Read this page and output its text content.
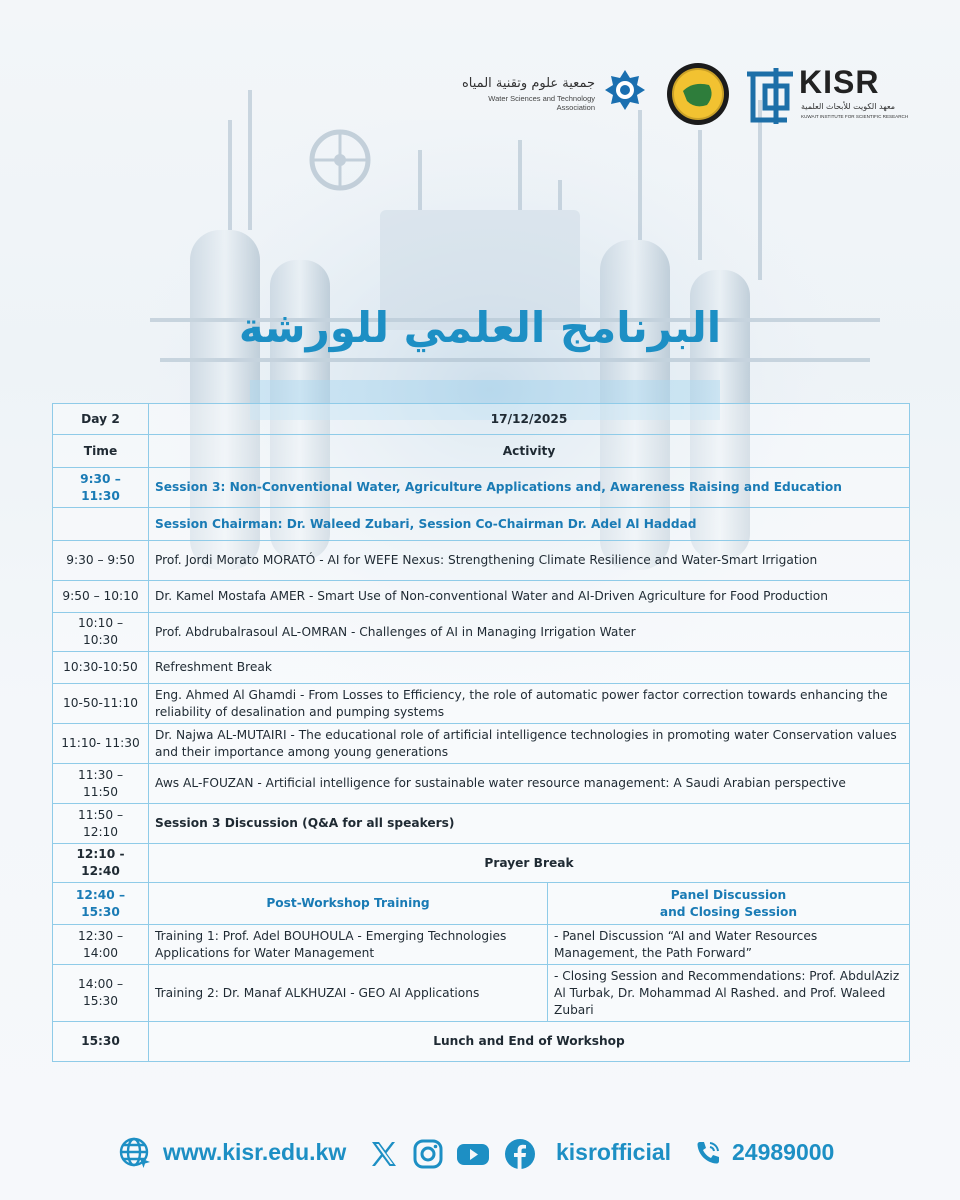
جمعية علوم وتقنية المياه
Water Sciences and Technology Association
KISR
معهد الكويت للأبحاث العلمية
KUWAIT INSTITUTE FOR SCIENTIFIC RESEARCH
البرنامج العلمي للورشة
Day 2	17/12/2025	
Time	Activity	
9:30 – 11:30	Session 3: Non-Conventional Water, Agriculture Applications and, Awareness Raising and Education	
	Session Chairman: Dr. Waleed Zubari, Session Co-Chairman Dr. Adel Al Haddad	
9:30 – 9:50	Prof. Jordi Morato MORATÓ - AI for WEFE Nexus: Strengthening Climate Resilience and Water-Smart Irrigation	
9:50 – 10:10	Dr. Kamel Mostafa AMER - Smart Use of Non-conventional Water and AI-Driven Agriculture for Food Production	
10:10 – 10:30	Prof. Abdrubalrasoul AL-OMRAN - Challenges of AI in Managing Irrigation Water	
10:30-10:50	Refreshment Break	
10-50-11:10	Eng. Ahmed Al Ghamdi - From Losses to Efficiency, the role of automatic power factor correction towards enhancing the reliability of desalination and pumping systems	
11:10- 11:30	Dr. Najwa AL-MUTAIRI - The educational role of artificial intelligence technologies in promoting water Conservation values and their importance among young generations	
11:30 – 11:50	Aws AL-FOUZAN - Artificial intelligence for sustainable water resource management: A Saudi Arabian perspective	
11:50 – 12:10	Session 3 Discussion (Q&A for all speakers)	
12:10 - 12:40	Prayer Break	
12:40 – 15:30	Post-Workshop Training	Panel Discussion
and Closing Session

12:30 – 14:00	Training 1: Prof. Adel BOUHOULA - Emerging Technologies Applications for Water Management	- Panel Discussion “AI and Water Resources Management, the Path Forward”
14:00 – 15:30	Training 2: Dr. Manaf ALKHUZAI - GEO AI Applications	- Closing Session and Recommendations: Prof. AbdulAziz Al Turbak, Dr. Mohammad Al Rashed. and Prof. Waleed Zubari
15:30	Lunch and End of Workshop	
www.kisr.edu.kw	kisrofficial	24989000
